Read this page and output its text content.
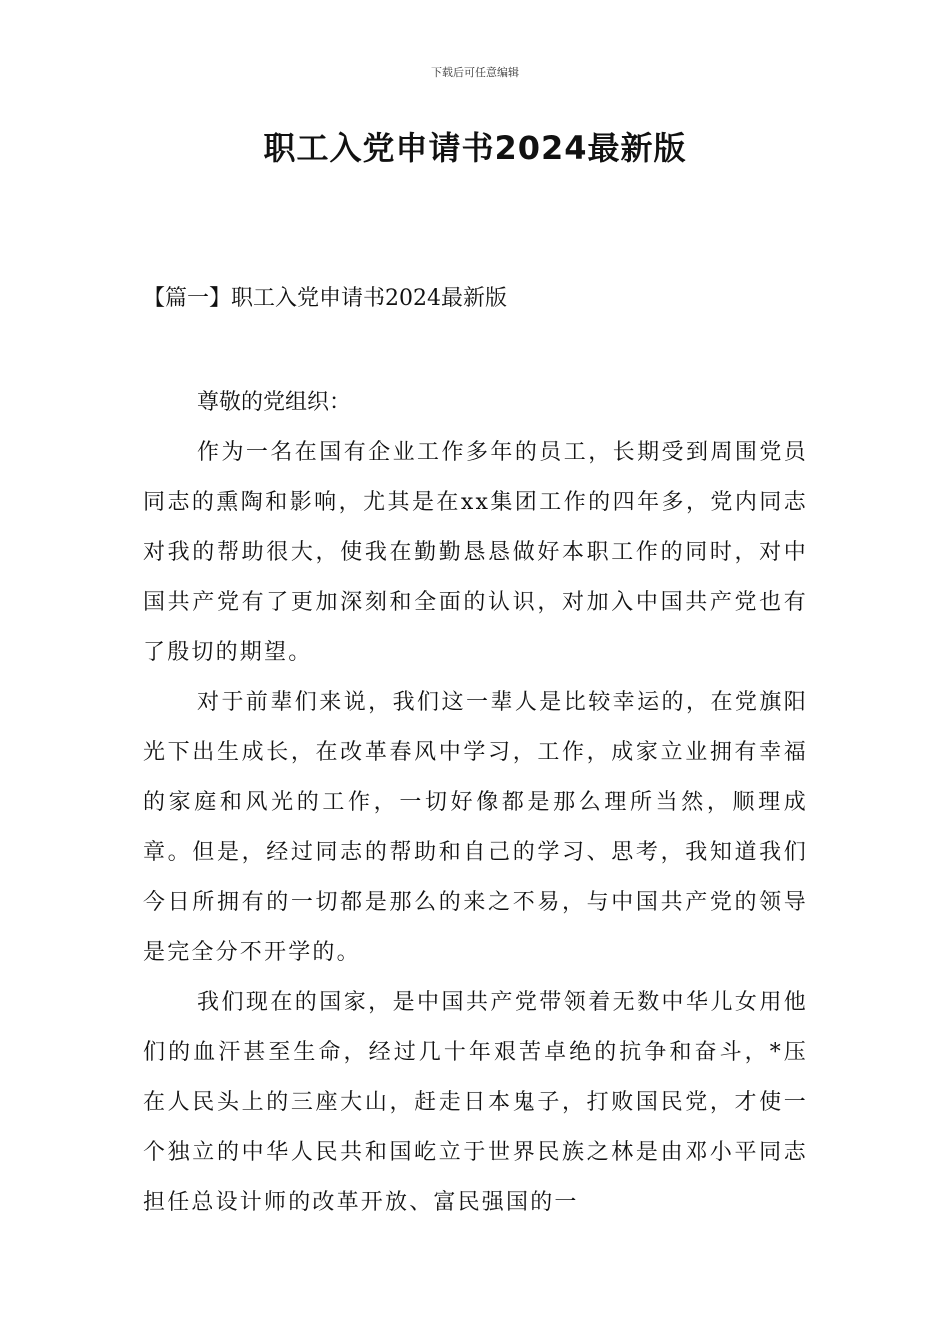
下载后可任意编辑
职工入党申请书2024最新版
【篇一】职工入党申请书2024最新版

尊敬的党组织：

作为一名在国有企业工作多年的员工，长期受到周围党员同志的熏陶和影响，尤其是在xx集团工作的四年多，党内同志对我的帮助很大，使我在勤勤恳恳做好本职工作的同时，对中国共产党有了更加深刻和全面的认识，对加入中国共产党也有了殷切的期望。

对于前辈们来说，我们这一辈人是比较幸运的，在党旗阳光下出生成长，在改革春风中学习，工作，成家立业拥有幸福的家庭和风光的工作，一切好像都是那么理所当然，顺理成章。但是，经过同志的帮助和自己的学习、思考，我知道我们今日所拥有的一切都是那么的来之不易，与中国共产党的领导是完全分不开学的。

我们现在的国家，是中国共产党带领着无数中华儿女用他们的血汗甚至生命，经过几十年艰苦卓绝的抗争和奋斗，*压在人民头上的三座大山，赶走日本鬼子，打败国民党，才使一个独立的中华人民共和国屹立于世界民族之林是由邓小平同志担任总设计师的改革开放、富民强国的一
